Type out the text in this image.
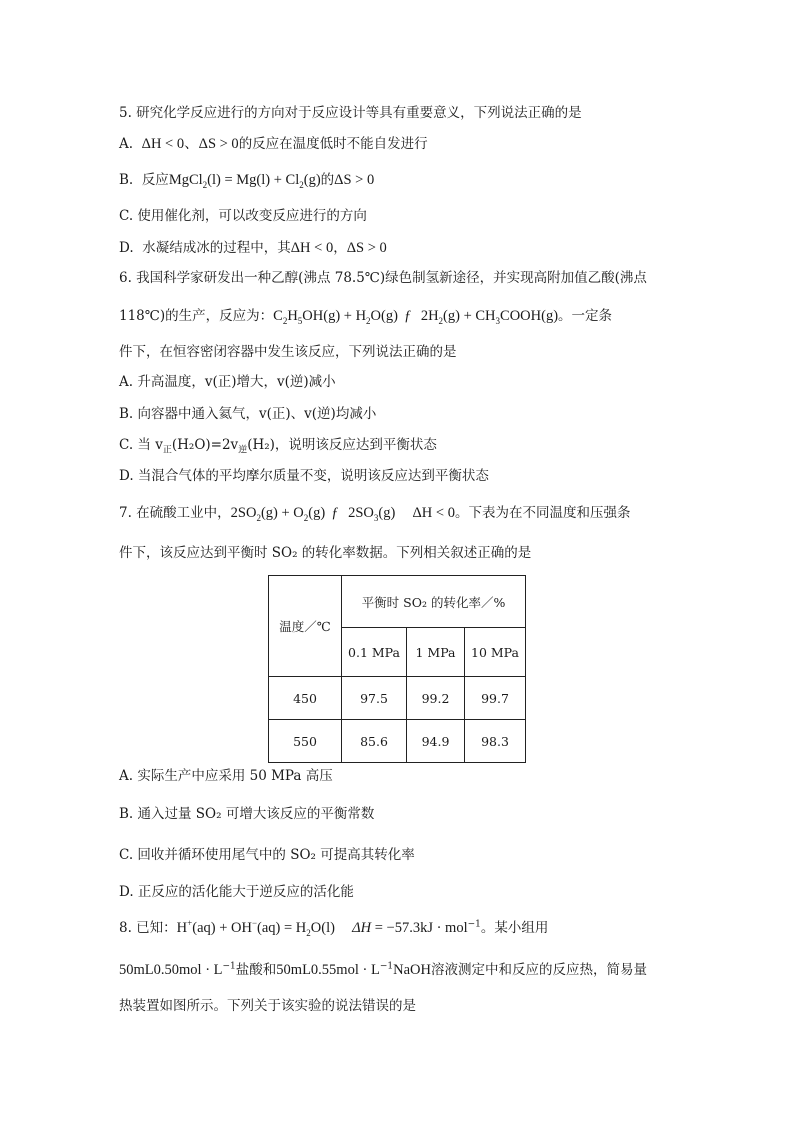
5. 研究化学反应进行的方向对于反应设计等具有重要意义，下列说法正确的是
A. ΔH < 0、ΔS > 0的反应在温度低时不能自发进行
B. 反应MgCl$_2$(l) = $Mg(l) + Cl_2(g)$的ΔS > 0
C. 使用催化剂，可以改变反应进行的方向
D. 水凝结成冰的过程中，其ΔH < 0，ΔS > 0
6. 我国科学家研发出一种乙醇(沸点 78.5℃)绿色制氢新途径，并实现高附加值乙酸(沸点
118℃)的生产，反应为：$C_2H_5OH(g) + H_2O(g)$ ƒ $2H_2(g)$ + $CH_3COOH(g)$。一定条
件下，在恒容密闭容器中发生该反应，下列说法正确的是
A. 升高温度，v(正)增大，v(逆)减小
B. 向容器中通入氦气，v(正)、v(逆)均减小
C. 当 $v_正(H_2O)=2v_逆(H_2)$，说明该反应达到平衡状态
D. 当混合气体的平均摩尔质量不变，说明该反应达到平衡状态
7. 在硫酸工业中，$2SO_2(g) + O_2(g)$ ƒ $2SO_3(g) \Delta H < 0$。下表为在不同温度和压强条
件下，该反应达到平衡时 SO₂ 的转化率数据。下列相关叙述正确的是
温度／℃	平衡时 SO₂ 的转化率／%		
	0.1 MPa	1 MPa	10 MPa
450	97.5	99.2	99.7
550	85.6	94.9	98.3
A. 实际生产中应采用 50 MPa 高压
B. 通入过量 SO₂ 可增大该反应的平衡常数
C. 回收并循环使用尾气中的 SO₂ 可提高其转化率
D. 正反应的活化能大于逆反应的活化能
8. 已知：$H^+(aq) + OH^-(aq) = H_2O(l) \Delta H = -57.3kJ \cdot mol^{-1}$。某小组用
$50mL0.50mol \cdot L^{-1}$盐酸和$50mL0.55mol \cdot L^{-1}NaOH$溶液测定中和反应的反应热，简易量
热装置如图所示。下列关于该实验的说法错误的是
